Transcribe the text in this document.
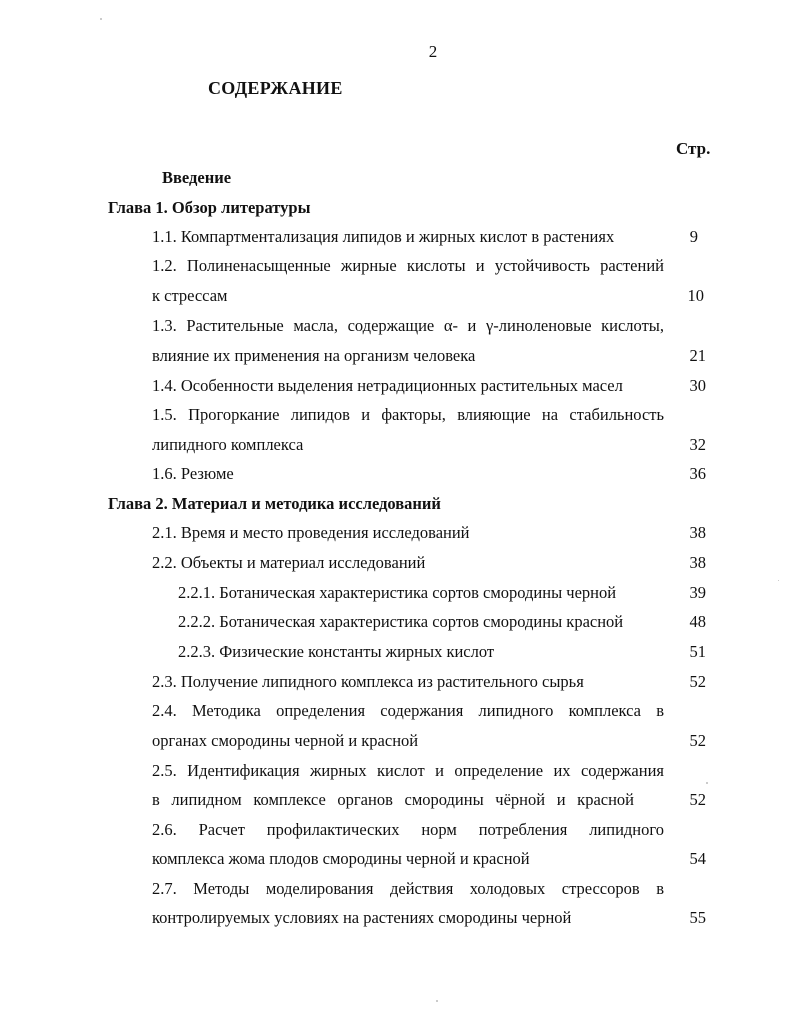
2
СОДЕРЖАНИЕ
Стр.
Введение
Глава 1. Обзор литературы
1.1. Компартментализация липидов и жирных кислот в растениях	9
1.2. Полиненасыщенные жирные кислоты и устойчивость растений
к стрессам	10
1.3. Растительные масла, содержащие α- и γ-линоленовые кислоты,
влияние их применения на организм человека	21
1.4. Особенности выделения нетрадиционных растительных масел	30
1.5. Прогоркание липидов и факторы, влияющие на стабильность
липидного комплекса	32
1.6. Резюме	36
Глава 2. Материал и методика исследований
2.1. Время и место проведения исследований	38
2.2. Объекты и материал исследований	38
2.2.1. Ботаническая характеристика сортов смородины черной	39
2.2.2. Ботаническая характеристика сортов смородины красной	48
2.2.3. Физические константы жирных кислот	51
2.3. Получение липидного комплекса из растительного сырья	52
2.4. Методика определения содержания липидного комплекса в
органах смородины черной и красной	52
2.5. Идентификация жирных кислот и определение их содержания
в липидном комплексе органов смородины чёрной и красной	52
2.6. Расчет профилактических норм потребления липидного
комплекса жома плодов смородины черной и красной	54
2.7. Методы моделирования действия холодовых стрессоров в
контролируемых условиях на растениях смородины черной	55
